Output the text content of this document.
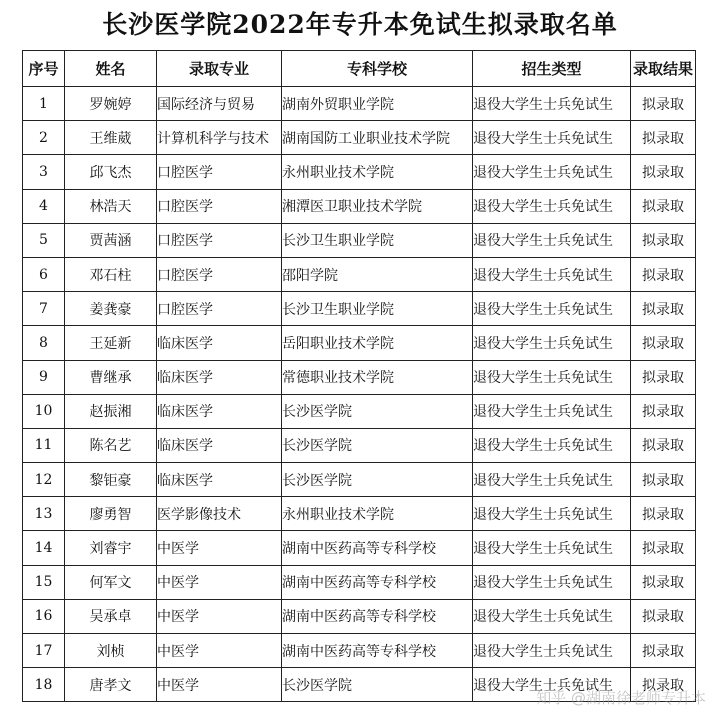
长沙医学院2022年专升本免试生拟录取名单
序号	姓名	录取专业	专科学校	招生类型	录取结果
1	罗婉婷	国际经济与贸易	湖南外贸职业学院	退役大学生士兵免试生	拟录取
2	王维葳	计算机科学与技术	湖南国防工业职业技术学院	退役大学生士兵免试生	拟录取
3	邱飞杰	口腔医学	永州职业技术学院	退役大学生士兵免试生	拟录取
4	林浩天	口腔医学	湘潭医卫职业技术学院	退役大学生士兵免试生	拟录取
5	贾茜涵	口腔医学	长沙卫生职业学院	退役大学生士兵免试生	拟录取
6	邓石柱	口腔医学	邵阳学院	退役大学生士兵免试生	拟录取
7	姜龚豪	口腔医学	长沙卫生职业学院	退役大学生士兵免试生	拟录取
8	王延新	临床医学	岳阳职业技术学院	退役大学生士兵免试生	拟录取
9	曹继承	临床医学	常德职业技术学院	退役大学生士兵免试生	拟录取
10	赵振湘	临床医学	长沙医学院	退役大学生士兵免试生	拟录取
11	陈名艺	临床医学	长沙医学院	退役大学生士兵免试生	拟录取
12	黎钜豪	临床医学	长沙医学院	退役大学生士兵免试生	拟录取
13	廖勇智	医学影像技术	永州职业技术学院	退役大学生士兵免试生	拟录取
14	刘睿宇	中医学	湖南中医药高等专科学校	退役大学生士兵免试生	拟录取
15	何军文	中医学	湖南中医药高等专科学校	退役大学生士兵免试生	拟录取
16	吴承卓	中医学	湖南中医药高等专科学校	退役大学生士兵免试生	拟录取
17	刘桢	中医学	湖南中医药高等专科学校	退役大学生士兵免试生	拟录取
18	唐孝文	中医学	长沙医学院	退役大学生士兵免试生	拟录取
知乎 @湖南徐老师专升本
